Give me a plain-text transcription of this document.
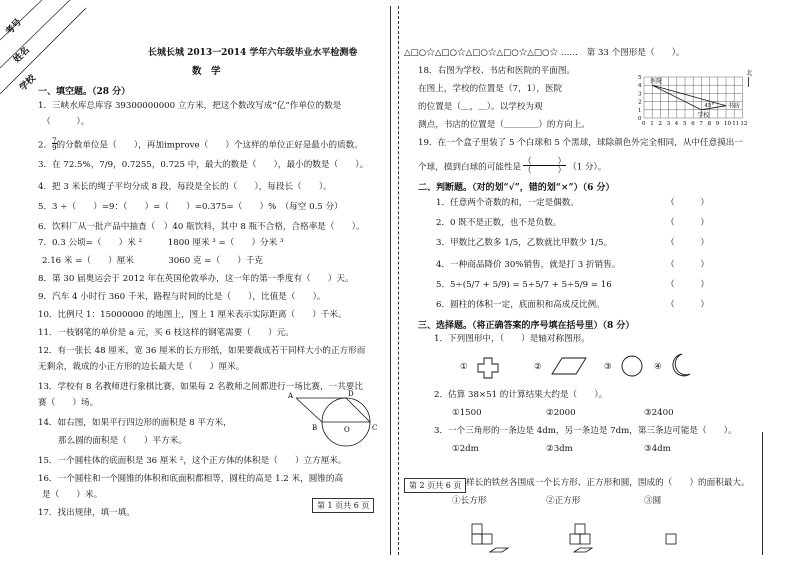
考号
姓名
学校
长城长城 2013一2014 学年六年级毕业水平检测卷
数　学
一、填空题。（28 分）
1．三峡水库总库容 39300000000 立方米，把这个数改写成“亿”作单位的数是
（　　　）。
2．$\frac{7}{9}$的分数单位是（　　），再加improve（　　）个这样的单位正好是最小的质数。
3．在 72.5%，7/9，0.7255，0.725 中，最大的数是（　　），最小的数是（　　）。
4．把 3 米长的绳子平均分成 8 段，每段是全长的（　　），每段长（　　）。
5．3 ÷（　　）=9：（　　）=（　　）=0.375=（　　）%　（每空 0.5 分）
6．饮料厂从一批产品中抽查（　）40 瓶饮料，其中 8 瓶不合格，合格率是（　　）。
7．0.3 公顷=（　　）米 ²　　　1800 厘米 ³ =（　　）分米 ³
2.16 米 =（　　）厘米　　　　3060 克 =（　　）千克
8．第 30 届奥运会于 2012 年在英国伦敦举办，这一年的第一季度有（　　）天。
9．汽车 4 小时行 360 千米，路程与时间的比是（　　），比值是（　　）。
10．比例尺 1：15000000 的地图上，图上 1 厘米表示实际距离（　　）千米。
11．一枝钢笔的单价是 a 元，买 6 枝这样的钢笔需要（　　）元。
12．有一张长 48 厘米，宽 36 厘米的长方形纸，如果要裁成若干同样大小的正方形而
无剩余，裁成的小正方形的边长最大是（　　）厘米。
13．学校有 8 名教师进行象棋比赛，如果每 2 名教师之间都进行一场比赛，一共要比
赛（　　）场。
14．如右图，如果平行四边形的面积是 8 平方米，
那么圆的面积是（　　）平方米。
A
B	C
D
O
15．一个圆柱体的底面积是 36 厘米 ²，这个正方体的体积是（　　）立方厘米。
16．一个圆柱和一个圆锥的体积和底面积都相等，圆柱的高是 1.2 米，圆锥的高
是（　　）米。
17．找出规律，填一填。
第 1 页共 6 页
△□○☆△□○☆△□○☆△□○☆△□○☆ ……　第 33 个图形是（　　）。
18．右图为学校、书店和医院的平面图。
在图上，学校的位置是（7，1），医院
的位置是（＿，＿）。以学校为观
测点，书店的位置是（＿＿＿＿）的方向上。	0 1 2 3 4 5 6 7 8 9 10 11 12
0
1
2
3
4
5
医院
书店
学校
45°
北
19．在一个盒子里装了 5 个白球和 5 个黑球，球除颜色外完全相同，从中任意摸出一
个球，摸到白球的可能性是（　　　）
（　　　） （1 分）。
二、判断题。（对的划“√”，错的划“×”）（6 分）
1．任意两个奇数的和，一定是偶数。	（　　　）
2．0 既不是正数，也不是负数。	（　　　）
3．甲数比乙数多 1/5，乙数就比甲数少 1/5。	（　　　）
4．一种商品降价 30%销售，就是打 3 折销售。	（　　　）
5．5÷(5/7 + 5/9) = 5÷5/7 + 5÷5/9 = 16	（　　　）
6．圆柱的体积一定，底面积和高成反比例。	（　　　）
三、选择题。（将正确答案的序号填在括号里）（8 分）
1．下列图形中，（　　）是轴对称图形。
①	②	③	④
2．估算 38×51 的计算结果大约是（　　）。
①1500	②2000	③2400
3．一个三角形的一条边是 4dm，另一条边是 7dm，第三条边可能是（　　）。
①2dm	②3dm	③4dm
第 2 页共 6 页 样长的铁丝各围成一个长方形、正方形和圆，围成的（　　）的面积最大。
①长方形	②正方形	③圆
